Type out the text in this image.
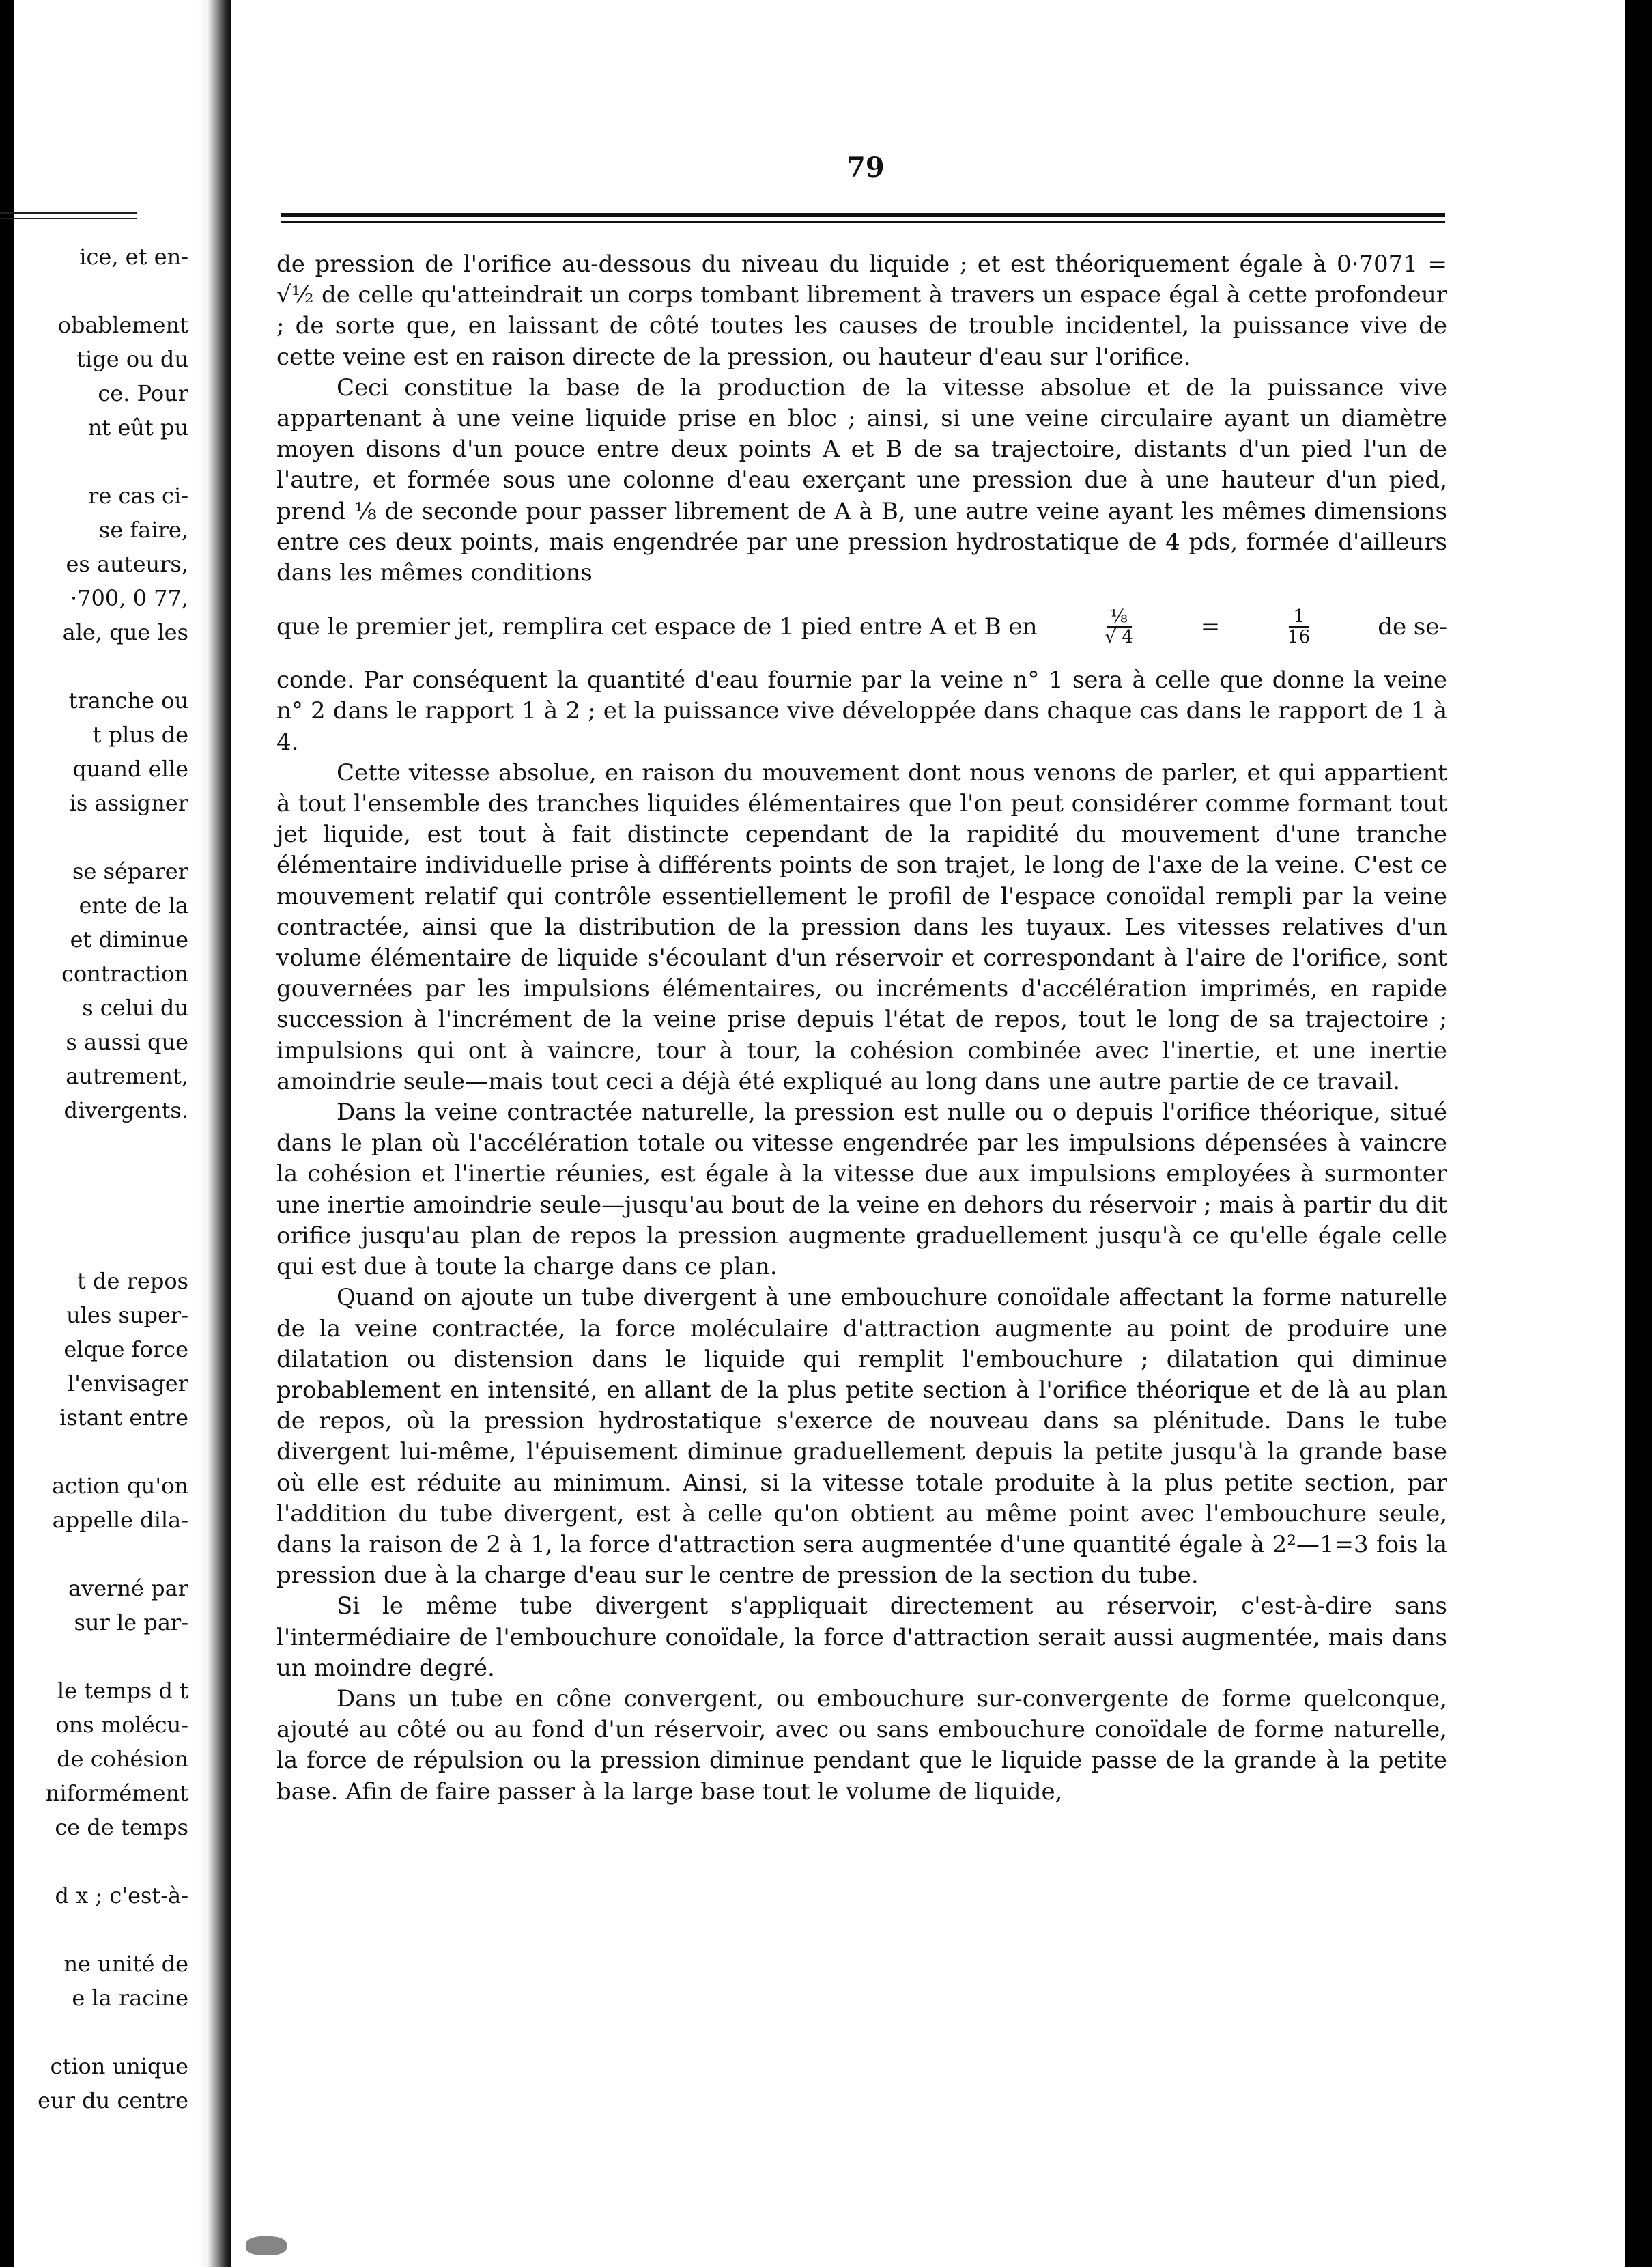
ice, et en-
obablement
tige ou du
ce. Pour
nt eût pu
re cas ci-
se faire,
es auteurs,
·700, 0 77,
ale, que les
tranche ou
t plus de
quand elle
is assigner
se séparer
ente de la
et diminue
contraction
s celui du
s aussi que
autrement,
divergents.
t de repos
ules super-
elque force
l'envisager
istant entre
action qu'on
appelle dila-
averné par
sur le par-
le temps d t
ons molécu-
de cohésion
niformément
ce de temps
d x ; c'est-à-
ne unité de
e la racine
ction unique
eur du centre
79

de pression de l'orifice au-dessous du niveau du liquide ; et est théoriquement égale à 0·7071 = √½ de celle qu'atteindrait un corps tombant librement à travers un espace égal à cette profondeur ; de sorte que, en laissant de côté toutes les causes de trouble incidentel, la puissance vive de cette veine est en raison directe de la pression, ou hauteur d'eau sur l'orifice.

Ceci constitue la base de la production de la vitesse absolue et de la puissance vive appartenant à une veine liquide prise en bloc ; ainsi, si une veine circulaire ayant un diamètre moyen disons d'un pouce entre deux points A et B de sa trajectoire, distants d'un pied l'un de l'autre, et formée sous une colonne d'eau exerçant une pression due à une hauteur d'un pied, prend ⅛ de seconde pour passer librement de A à B, une autre veine ayant les mêmes dimensions entre ces deux points, mais engendrée par une pression hydrostatique de 4 pds, formée d'ailleurs dans les mêmes conditions

que le premier jet, remplira cet espace de 1 pied entre A et B en	$\frac{\text{⅛}}{√ 4}$	=	$\frac{1}{16}$	de se-

conde. Par conséquent la quantité d'eau fournie par la veine n° 1 sera à celle que donne la veine n° 2 dans le rapport 1 à 2 ; et la puissance vive développée dans chaque cas dans le rapport de 1 à 4.

Cette vitesse absolue, en raison du mouvement dont nous venons de parler, et qui appartient à tout l'ensemble des tranches liquides élémentaires que l'on peut considérer comme formant tout jet liquide, est tout à fait distincte cependant de la rapidité du mouvement d'une tranche élémentaire individuelle prise à différents points de son trajet, le long de l'axe de la veine. C'est ce mouvement relatif qui contrôle essentiellement le profil de l'espace conoïdal rempli par la veine contractée, ainsi que la distribution de la pression dans les tuyaux. Les vitesses relatives d'un volume élémentaire de liquide s'écoulant d'un réservoir et correspondant à l'aire de l'orifice, sont gouvernées par les impulsions élémentaires, ou incréments d'accélération imprimés, en rapide succession à l'incrément de la veine prise depuis l'état de repos, tout le long de sa trajectoire ; impulsions qui ont à vaincre, tour à tour, la cohésion combinée avec l'inertie, et une inertie amoindrie seule—mais tout ceci a déjà été expliqué au long dans une autre partie de ce travail.

Dans la veine contractée naturelle, la pression est nulle ou o depuis l'orifice théorique, situé dans le plan où l'accélération totale ou vitesse engendrée par les impulsions dépensées à vaincre la cohésion et l'inertie réunies, est égale à la vitesse due aux impulsions employées à surmonter une inertie amoindrie seule—jusqu'au bout de la veine en dehors du réservoir ; mais à partir du dit orifice jusqu'au plan de repos la pression augmente graduellement jusqu'à ce qu'elle égale celle qui est due à toute la charge dans ce plan.

Quand on ajoute un tube divergent à une embouchure conoïdale affectant la forme naturelle de la veine contractée, la force moléculaire d'attraction augmente au point de produire une dilatation ou distension dans le liquide qui remplit l'embouchure ; dilatation qui diminue probablement en intensité, en allant de la plus petite section à l'orifice théorique et de là au plan de repos, où la pression hydrostatique s'exerce de nouveau dans sa plénitude. Dans le tube divergent lui-même, l'épuisement diminue graduellement depuis la petite jusqu'à la grande base où elle est réduite au minimum. Ainsi, si la vitesse totale produite à la plus petite section, par l'addition du tube divergent, est à celle qu'on obtient au même point avec l'embouchure seule, dans la raison de 2 à 1, la force d'attraction sera augmentée d'une quantité égale à 2²—1=3 fois la pression due à la charge d'eau sur le centre de pression de la section du tube.

Si le même tube divergent s'appliquait directement au réservoir, c'est-à-dire sans l'intermédiaire de l'embouchure conoïdale, la force d'attraction serait aussi augmentée, mais dans un moindre degré.

Dans un tube en cône convergent, ou embouchure sur-convergente de forme quelconque, ajouté au côté ou au fond d'un réservoir, avec ou sans embouchure conoïdale de forme naturelle, la force de répulsion ou la pression diminue pendant que le liquide passe de la grande à la petite base. Afin de faire passer à la large base tout le volume de liquide,
